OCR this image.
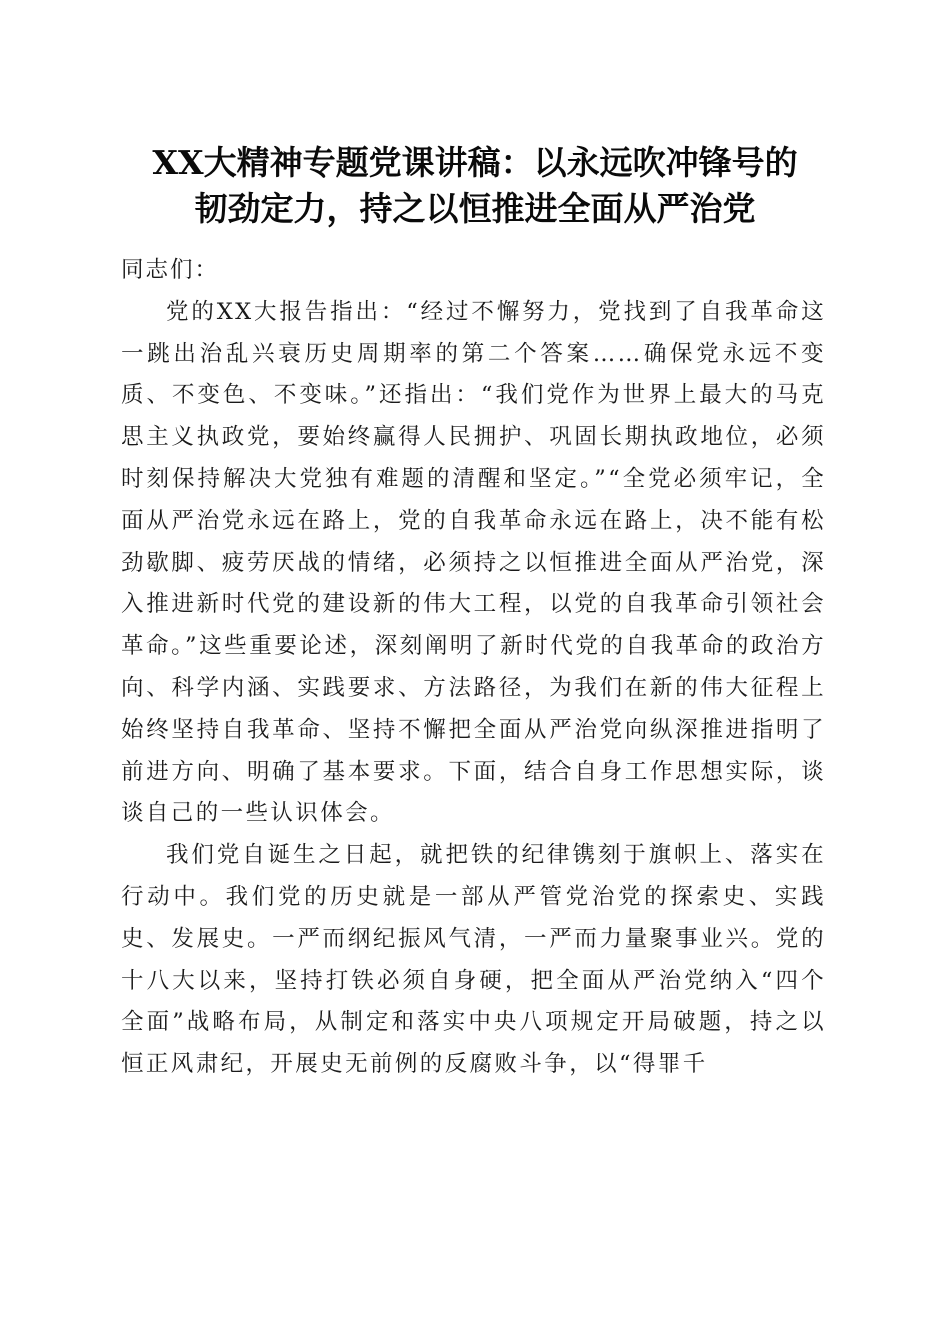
XX大精神专题党课讲稿：以永远吹冲锋号的
韧劲定力，持之以恒推进全面从严治党

同志们：

党的XX大报告指出：“经过不懈努力，党找到了自我革命这一跳出治乱兴衰历史周期率的第二个答案……确保党永远不变质、不变色、不变味。”还指出：“我们党作为世界上最大的马克思主义执政党，要始终赢得人民拥护、巩固长期执政地位，必须时刻保持解决大党独有难题的清醒和坚定。”“全党必须牢记，全面从严治党永远在路上，党的自我革命永远在路上，决不能有松劲歇脚、疲劳厌战的情绪，必须持之以恒推进全面从严治党，深入推进新时代党的建设新的伟大工程，以党的自我革命引领社会革命。”这些重要论述，深刻阐明了新时代党的自我革命的政治方向、科学内涵、实践要求、方法路径，为我们在新的伟大征程上始终坚持自我革命、坚持不懈把全面从严治党向纵深推进指明了前进方向、明确了基本要求。下面，结合自身工作思想实际，谈谈自己的一些认识体会。

我们党自诞生之日起，就把铁的纪律镌刻于旗帜上、落实在行动中。我们党的历史就是一部从严管党治党的探索史、实践史、发展史。一严而纲纪振风气清，一严而力量聚事业兴。党的十八大以来，坚持打铁必须自身硬，把全面从严治党纳入“四个全面”战略布局，从制定和落实中央八项规定开局破题，持之以恒正风肃纪，开展史无前例的反腐败斗争，以“得罪千
